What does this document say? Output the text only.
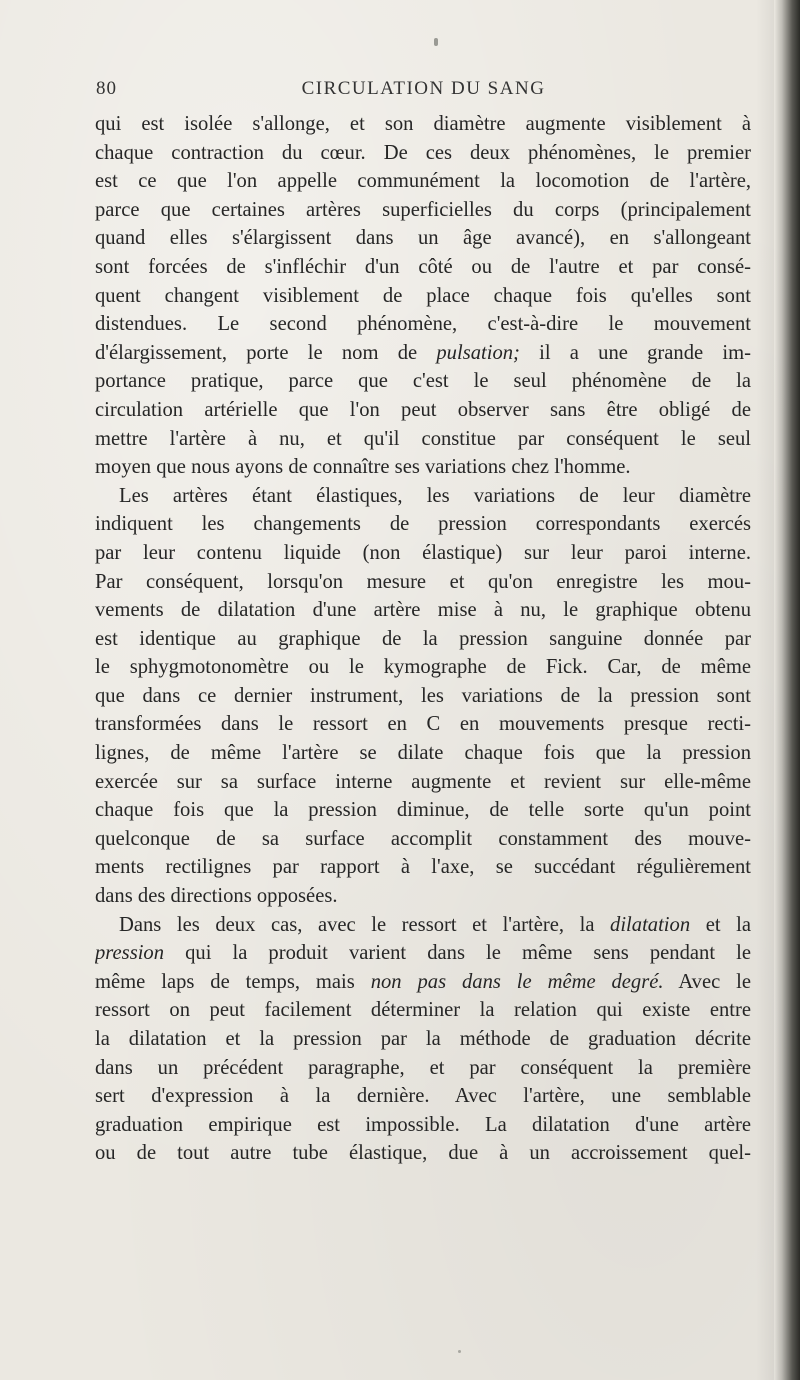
80	CIRCULATION DU SANG
qui est isolée s'allonge, et son diamètre augmente visiblement à
chaque contraction du cœur. De ces deux phénomènes, le premier
est ce que l'on appelle communément la locomotion de l'artère,
parce que certaines artères superficielles du corps (principalement
quand elles s'élargissent dans un âge avancé), en s'allongeant
sont forcées de s'infléchir d'un côté ou de l'autre et par consé-
quent changent visiblement de place chaque fois qu'elles sont
distendues. Le second phénomène, c'est-à-dire le mouvement
d'élargissement, porte le nom de pulsation; il a une grande im-
portance pratique, parce que c'est le seul phénomène de la
circulation artérielle que l'on peut observer sans être obligé de
mettre l'artère à nu, et qu'il constitue par conséquent le seul
moyen que nous ayons de connaître ses variations chez l'homme.
Les artères étant élastiques, les variations de leur diamètre
indiquent les changements de pression correspondants exercés
par leur contenu liquide (non élastique) sur leur paroi interne.
Par conséquent, lorsqu'on mesure et qu'on enregistre les mou-
vements de dilatation d'une artère mise à nu, le graphique obtenu
est identique au graphique de la pression sanguine donnée par
le sphygmotonomètre ou le kymographe de Fick. Car, de même
que dans ce dernier instrument, les variations de la pression sont
transformées dans le ressort en C en mouvements presque recti-
lignes, de même l'artère se dilate chaque fois que la pression
exercée sur sa surface interne augmente et revient sur elle-même
chaque fois que la pression diminue, de telle sorte qu'un point
quelconque de sa surface accomplit constamment des mouve-
ments rectilignes par rapport à l'axe, se succédant régulièrement
dans des directions opposées.
Dans les deux cas, avec le ressort et l'artère, la dilatation et la
pression qui la produit varient dans le même sens pendant le
même laps de temps, mais non pas dans le même degré. Avec le
ressort on peut facilement déterminer la relation qui existe entre
la dilatation et la pression par la méthode de graduation décrite
dans un précédent paragraphe, et par conséquent la première
sert d'expression à la dernière. Avec l'artère, une semblable
graduation empirique est impossible. La dilatation d'une artère
ou de tout autre tube élastique, due à un accroissement quel-
